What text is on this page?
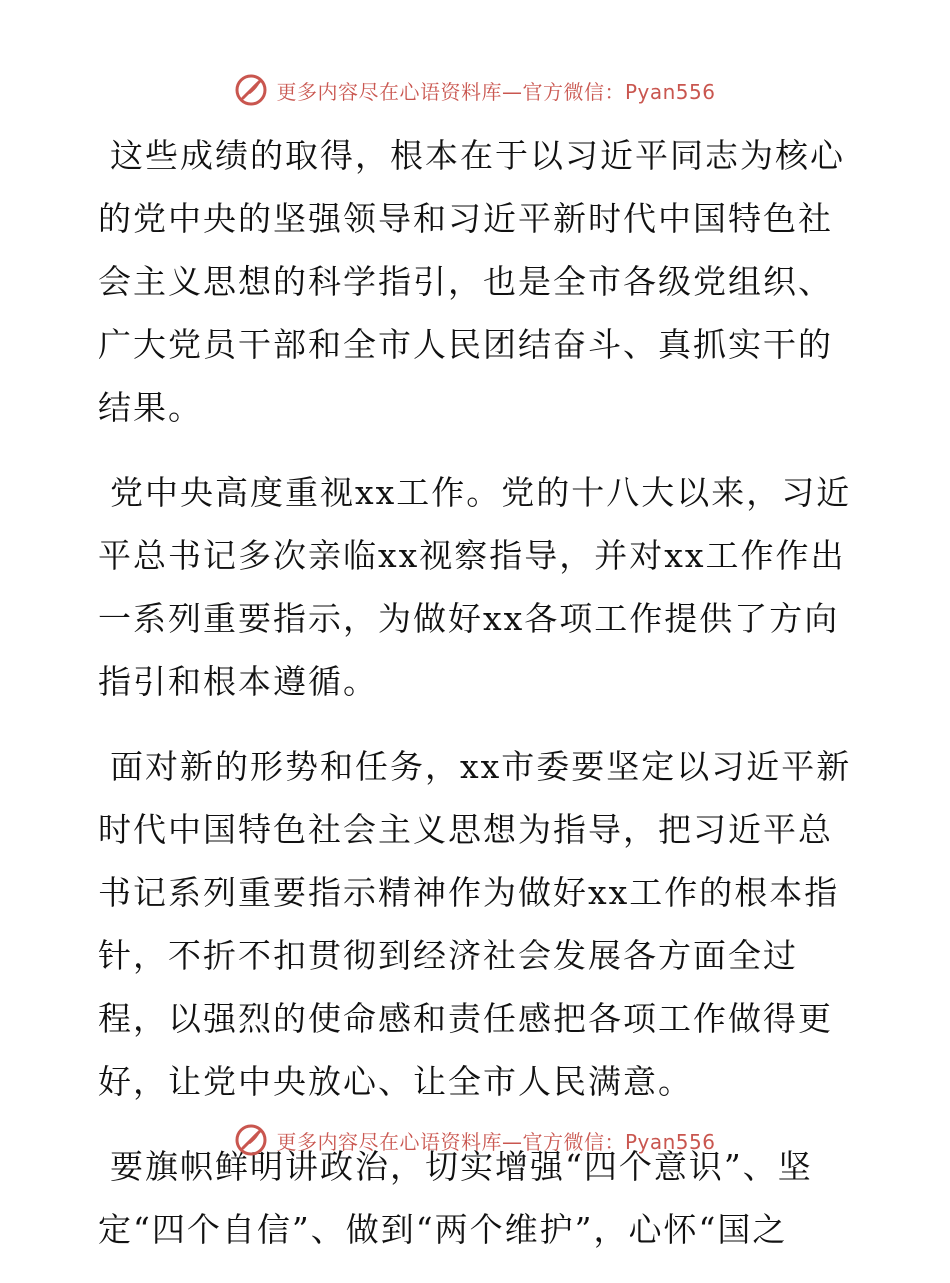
更多内容尽在心语资料库—官方微信：Pyan556

这些成绩的取得，根本在于以习近平同志为核心的党中央的坚强领导和习近平新时代中国特色社会主义思想的科学指引，也是全市各级党组织、广大党员干部和全市人民团结奋斗、真抓实干的结果。

党中央高度重视xx工作。党的十八大以来，习近平总书记多次亲临xx视察指导，并对xx工作作出一系列重要指示，为做好xx各项工作提供了方向指引和根本遵循。

面对新的形势和任务，xx市委要坚定以习近平新时代中国特色社会主义思想为指导，把习近平总书记系列重要指示精神作为做好xx工作的根本指针，不折不扣贯彻到经济社会发展各方面全过程，以强烈的使命感和责任感把各项工作做得更好，让党中央放心、让全市人民满意。

要旗帜鲜明讲政治，切实增强“四个意识”、坚定“四个自信”、做到“两个维护”，心怀“国之

更多内容尽在心语资料库—官方微信：Pyan556
